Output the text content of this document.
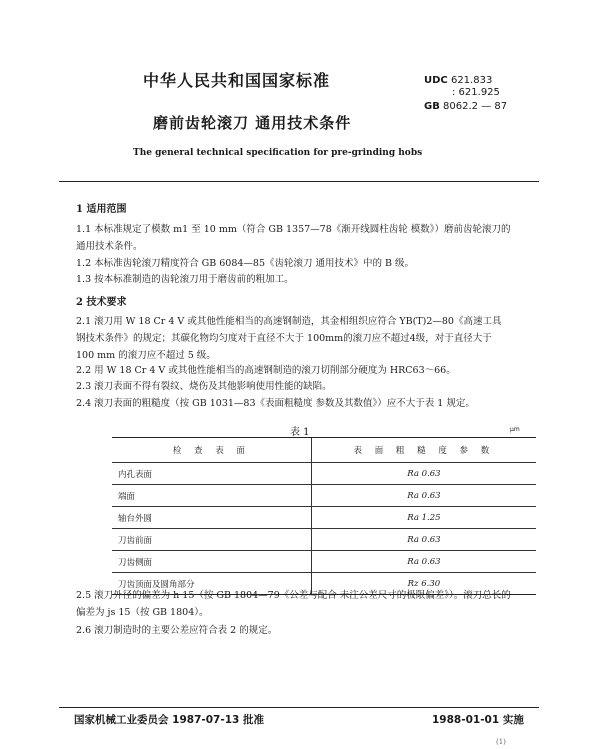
中华人民共和国国家标准	UDC 621.833
: 621.925
GB 8062.2 — 87
磨前齿轮滚刀 通用技术条件
The general technical specification for pre-grinding hobs
1 适用范围
1.1 本标准规定了模数 m1 至 10 mm（符合 GB 1357—78《渐开线圆柱齿轮 模数》）磨前齿轮滚刀的
通用技术条件。
1.2 本标准齿轮滚刀精度符合 GB 6084—85《齿轮滚刀 通用技术》中的 B 级。
1.3 按本标准制造的齿轮滚刀用于磨齿前的粗加工。
2 技术要求
2.1 滚刀用 W 18 Cr 4 V 或其他性能相当的高速钢制造，其金相组织应符合 YB(T)2—80《高速工具
钢技术条件》的规定；其碳化物均匀度对于直径不大于 100mm的滚刀应不超过4级，对于直径大于
100 mm 的滚刀应不超过 5 级。
2.2 用 W 18 Cr 4 V 或其他性能相当的高速钢制造的滚刀切削部分硬度为 HRC63～66。
2.3 滚刀表面不得有裂纹、烧伤及其他影响使用性能的缺陷。
2.4 滚刀表面的粗糙度（按 GB 1031—83《表面粗糙度 参数及其数值》）应不大于表 1 规定。
表 1	μm
检 查 表 面	表 面 粗 糙 度 参 数
内孔表面	Ra 0.63
端面	Ra 0.63
轴台外圆	Ra 1.25
刀齿前面	Ra 0.63
刀齿侧面	Ra 0.63
刀齿顶面及圆角部分	Rz 6.30
2.5 滚刀外径的偏差为 h 15（按 GB 1804—79《公差与配合 未注公差尺寸的极限偏差》）。滚刀总长的
偏差为 js 15（按 GB 1804）。
2.6 滚刀制造时的主要公差应符合表 2 的规定。
国家机械工业委员会 1987-07-13 批准	1988-01-01 实施
(1)
